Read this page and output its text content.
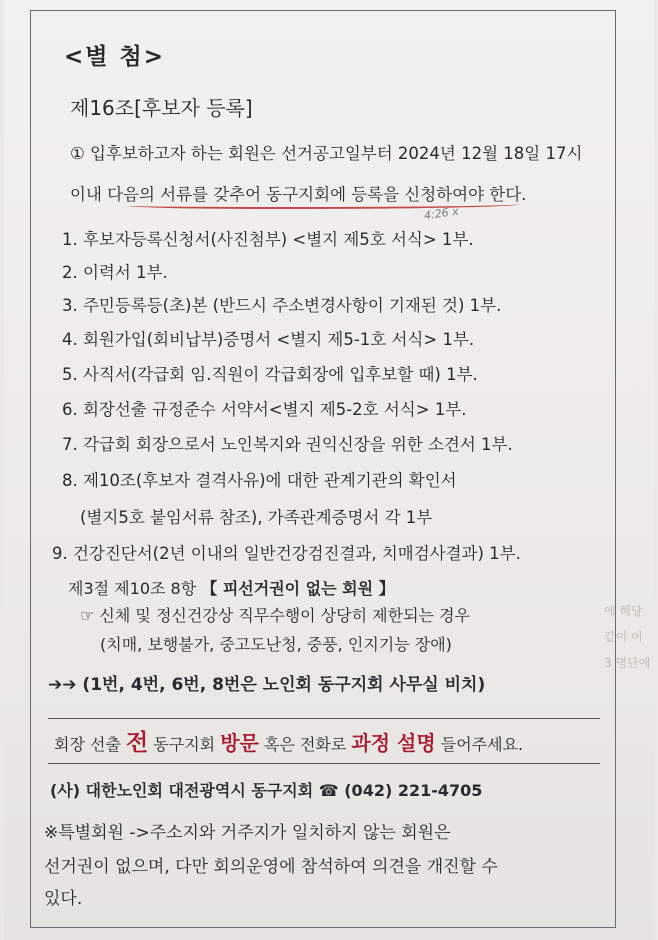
<별 첨>
제16조[후보자 등록]
① 입후보하고자 하는 회원은 선거공고일부터 2024년 12월 18일 17시
이내 다음의 서류를 갖추어 동구지회에 등록을 신청하여야 한다.
4:26 x
1. 후보자등록신청서(사진첨부) <별지 제5호 서식> 1부.
2. 이력서 1부.
3. 주민등록등(초)본 (반드시 주소변경사항이 기재된 것) 1부.
4. 회원가입(회비납부)증명서 <별지 제5-1호 서식> 1부.
5. 사직서(각급회 임.직원이 각급회장에 입후보할 때) 1부.
6. 회장선출 규정준수 서약서<별지 제5-2호 서식> 1부.
7. 각급회 회장으로서 노인복지와 권익신장을 위한 소견서 1부.
8. 제10조(후보자 결격사유)에 대한 관계기관의 확인서
(별지5호 붙임서류 참조), 가족관계증명서 각 1부
9. 건강진단서(2년 이내의 일반건강검진결과, 치매검사결과) 1부.
제3절 제10조 8항 【 피선거권이 없는 회원 】
☞ 신체 및 정신건강상 직무수행이 상당히 제한되는 경우
(치매, 보행불가, 중고도난청, 중풍, 인지기능 장애)
➔➔ (1번, 4번, 6번, 8번은 노인회 동구지회 사무실 비치)
회장 선출 전 동구지회 방문 혹은 전화로 과정 설명 들어주세요.
(사) 대한노인회 대전광역시 동구지회 ☎ (042) 221-4705
※특별회원 ->주소지와 거주지가 일치하지 않는 회원은
선거권이 없으며, 다만 회의운영에 참석하여 의견을 개진할 수
있다.
에 해당
같이 어
3 명단에
